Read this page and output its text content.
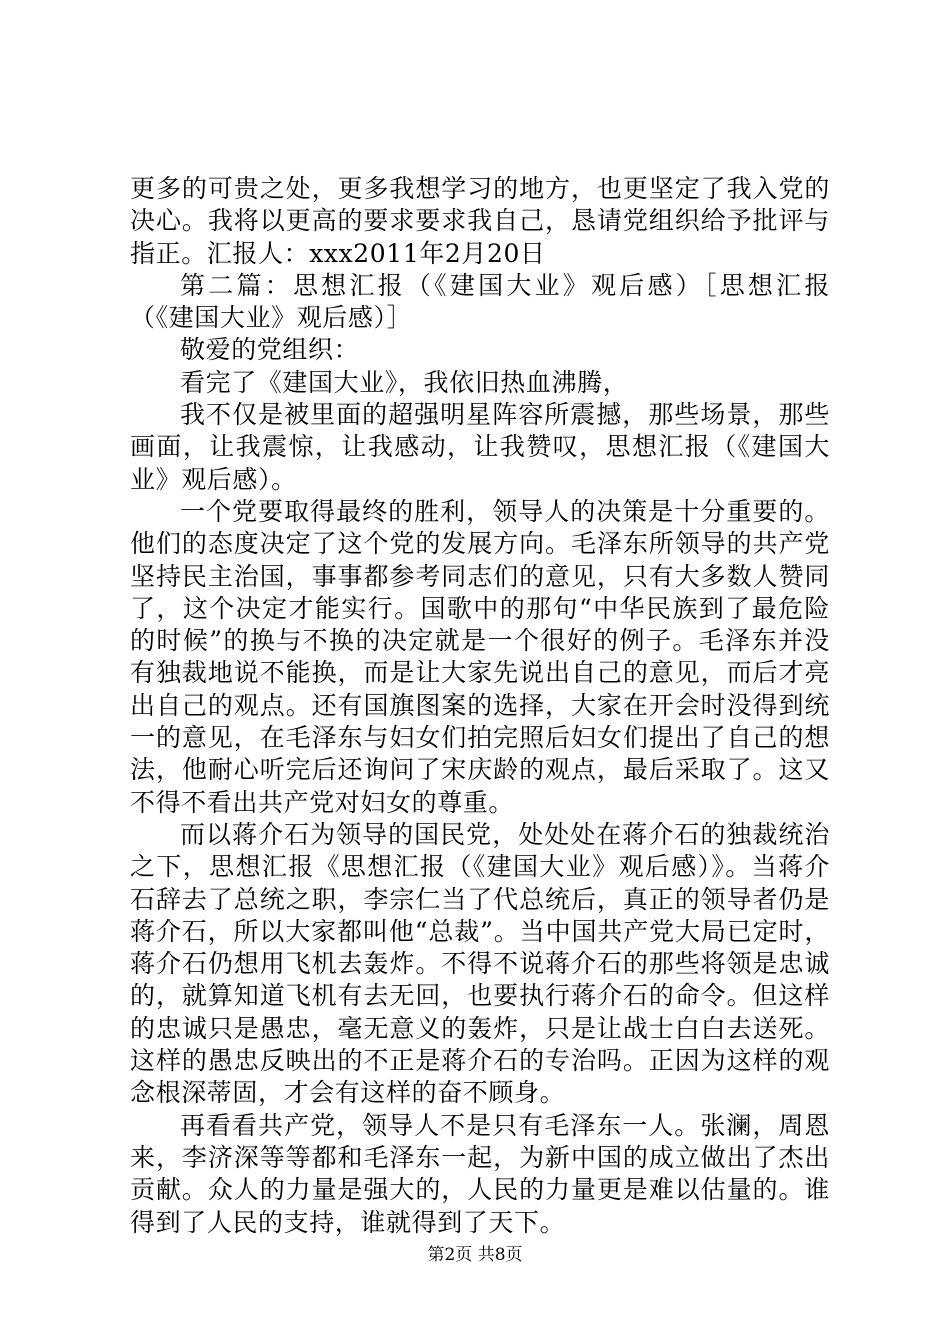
更多的可贵之处，更多我想学习的地方，也更坚定了我入党的决心。我将以更高的要求要求我自己，恳请党组织给予批评与指正。汇报人：xxx2011年2月20日

第二篇：思想汇报（《建国大业》观后感）［思想汇报（《建国大业》观后感）］

敬爱的党组织：

看完了《建国大业》，我依旧热血沸腾，

我不仅是被里面的超强明星阵容所震撼，那些场景，那些画面，让我震惊，让我感动，让我赞叹，思想汇报（《建国大业》观后感）。

一个党要取得最终的胜利，领导人的决策是十分重要的。他们的态度决定了这个党的发展方向。毛泽东所领导的共产党坚持民主治国，事事都参考同志们的意见，只有大多数人赞同了，这个决定才能实行。国歌中的那句“中华民族到了最危险的时候”的换与不换的决定就是一个很好的例子。毛泽东并没有独裁地说不能换，而是让大家先说出自己的意见，而后才亮出自己的观点。还有国旗图案的选择，大家在开会时没得到统一的意见，在毛泽东与妇女们拍完照后妇女们提出了自己的想法，他耐心听完后还询问了宋庆龄的观点，最后采取了。这又不得不看出共产党对妇女的尊重。

而以蒋介石为领导的国民党，处处处在蒋介石的独裁统治之下，思想汇报《思想汇报（《建国大业》观后感）》。当蒋介石辞去了总统之职，李宗仁当了代总统后，真正的领导者仍是蒋介石，所以大家都叫他“总裁”。当中国共产党大局已定时，蒋介石仍想用飞机去轰炸。不得不说蒋介石的那些将领是忠诚的，就算知道飞机有去无回，也要执行蒋介石的命令。但这样的忠诚只是愚忠，毫无意义的轰炸，只是让战士白白去送死。这样的愚忠反映出的不正是蒋介石的专治吗。正因为这样的观念根深蒂固，才会有这样的奋不顾身。

再看看共产党，领导人不是只有毛泽东一人。张澜，周恩来，李济深等等都和毛泽东一起，为新中国的成立做出了杰出贡献。众人的力量是强大的，人民的力量更是难以估量的。谁得到了人民的支持，谁就得到了天下。

第2页 共8页
